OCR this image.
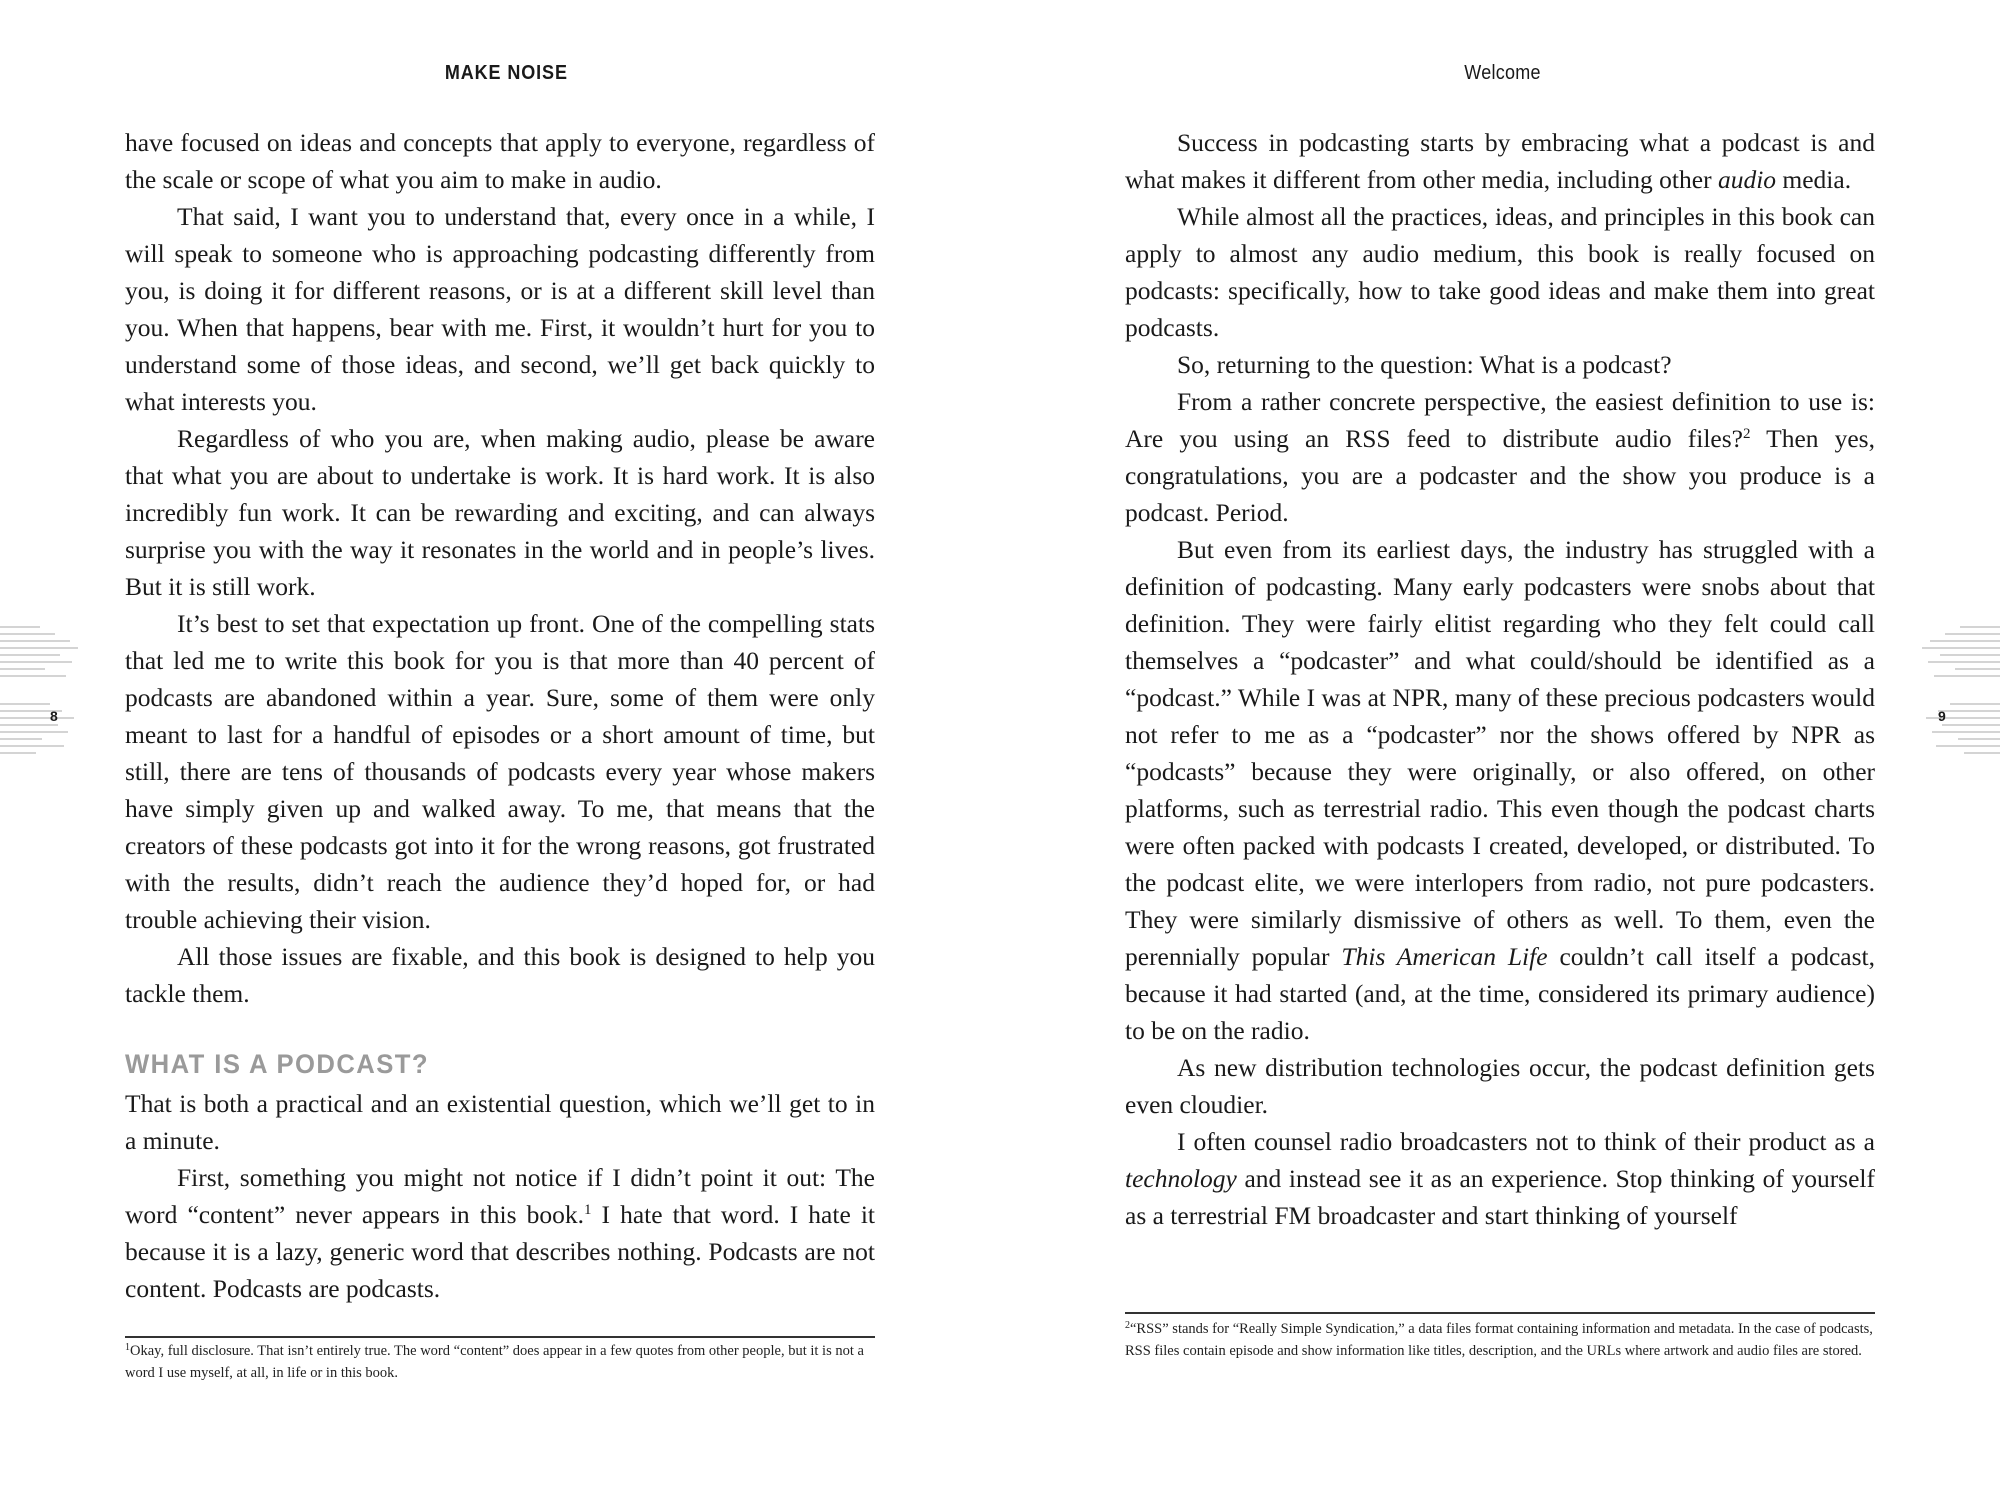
MAKE NOISE

have focused on ideas and concepts that apply to everyone, regardless of the scale or scope of what you aim to make in audio.

That said, I want you to understand that, every once in a while, I will speak to someone who is approaching podcasting differently from you, is doing it for different reasons, or is at a different skill level than you. When that happens, bear with me. First, it wouldn’t hurt for you to understand some of those ideas, and second, we’ll get back quickly to what interests you.

Regardless of who you are, when making audio, please be aware that what you are about to undertake is work. It is hard work. It is also incredibly fun work. It can be rewarding and exciting, and can always surprise you with the way it resonates in the world and in people’s lives. But it is still work.

It’s best to set that expectation up front. One of the compelling stats that led me to write this book for you is that more than 40 percent of podcasts are abandoned within a year. Sure, some of them were only meant to last for a handful of episodes or a short amount of time, but still, there are tens of thousands of podcasts every year whose makers have simply given up and walked away. To me, that means that the creators of these podcasts got into it for the wrong reasons, got frustrated with the results, didn’t reach the audience they’d hoped for, or had trouble achieving their vision.

All those issues are fixable, and this book is designed to help you tackle them.

WHAT IS A PODCAST?

That is both a practical and an existential question, which we’ll get to in a minute.

First, something you might not notice if I didn’t point it out: The word “content” never appears in this book.$^1$ I hate that word. I hate it because it is a lazy, generic word that describes nothing. Podcasts are not content. Podcasts are podcasts.

$^1$Okay, full disclosure. That isn’t entirely true. The word “content” does appear in a few quotes from other people, but it is not a word I use myself, at all, in life or in this book.
8
Welcome

Success in podcasting starts by embracing what a podcast is and what makes it different from other media, including other audio media.

While almost all the practices, ideas, and principles in this book can apply to almost any audio medium, this book is really focused on podcasts: specifically, how to take good ideas and make them into great podcasts.

So, returning to the question: What is a podcast?

From a rather concrete perspective, the easiest definition to use is: Are you using an RSS feed to distribute audio files?$^2$ Then yes, congratulations, you are a podcaster and the show you produce is a podcast. Period.

But even from its earliest days, the industry has struggled with a definition of podcasting. Many early podcasters were snobs about that definition. They were fairly elitist regarding who they felt could call themselves a “podcaster” and what could/should be identified as a “podcast.” While I was at NPR, many of these precious podcasters would not refer to me as a “podcaster” nor the shows offered by NPR as “podcasts” because they were originally, or also offered, on other platforms, such as terrestrial radio. This even though the podcast charts were often packed with podcasts I created, developed, or distributed. To the podcast elite, we were interlopers from radio, not pure podcasters. They were similarly dismissive of others as well. To them, even the perennially popular This American Life couldn’t call itself a podcast, because it had started (and, at the time, considered its primary audience) to be on the radio.

As new distribution technologies occur, the podcast definition gets even cloudier.

I often counsel radio broadcasters not to think of their product as a technology and instead see it as an experience. Stop thinking of yourself as a terrestrial FM broadcaster and start thinking of yourself

$^2$“RSS” stands for “Really Simple Syndication,” a data files format containing information and metadata. In the case of podcasts, RSS files contain episode and show information like titles, description, and the URLs where artwork and audio files are stored.
9
